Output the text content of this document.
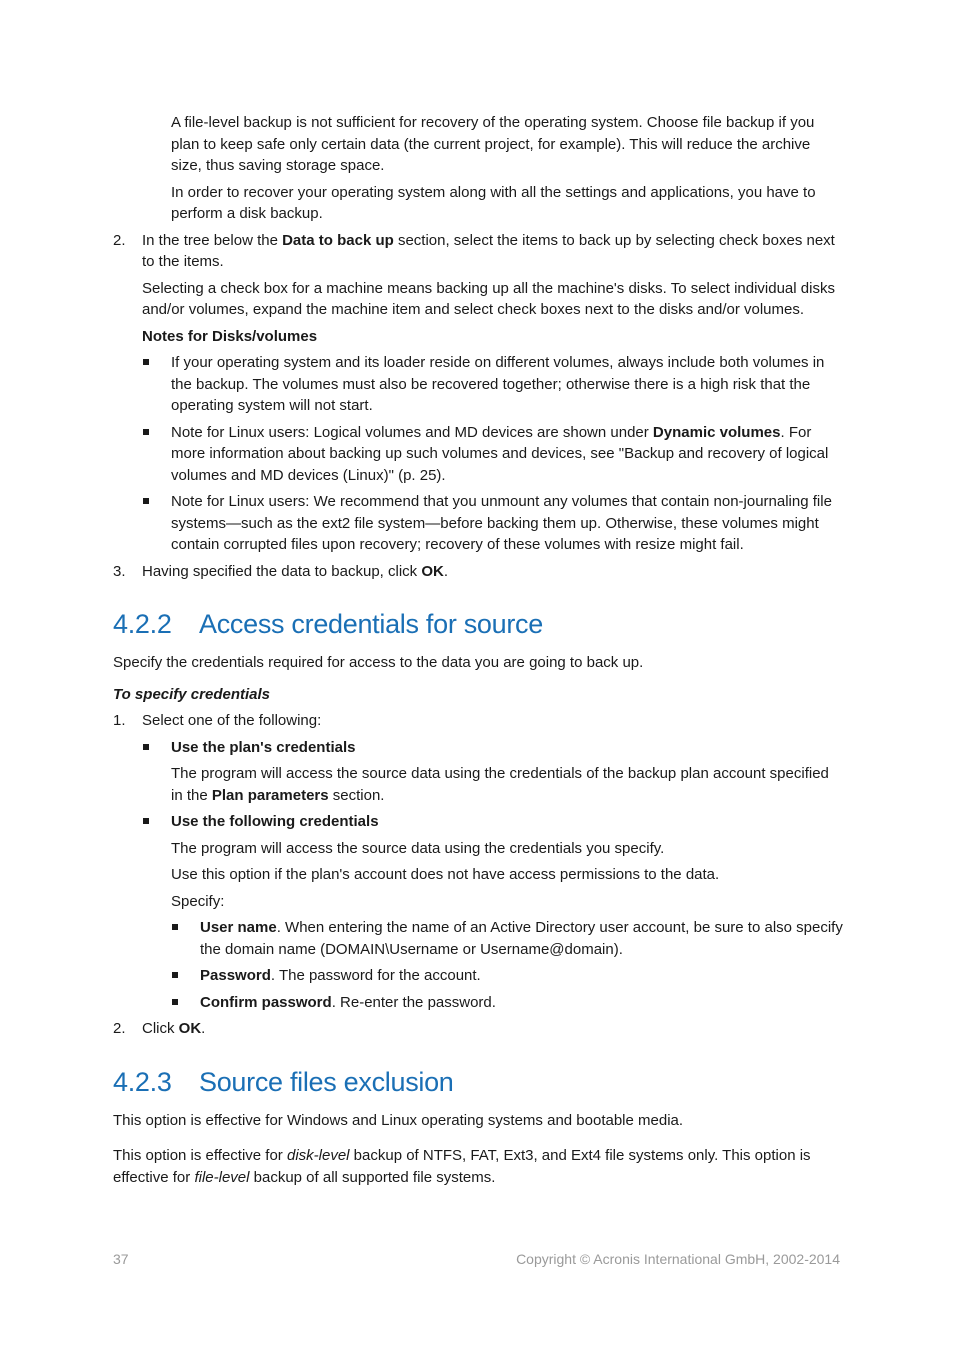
A file-level backup is not sufficient for recovery of the operating system. Choose file backup if you plan to keep safe only certain data (the current project, for example). This will reduce the archive size, thus saving storage space.

In order to recover your operating system along with all the settings and applications, you have to perform a disk backup.

2. In the tree below the Data to back up section, select the items to back up by selecting check boxes next to the items.

Selecting a check box for a machine means backing up all the machine's disks. To select individual disks and/or volumes, expand the machine item and select check boxes next to the disks and/or volumes.

Notes for Disks/volumes

If your operating system and its loader reside on different volumes, always include both volumes in the backup. The volumes must also be recovered together; otherwise there is a high risk that the operating system will not start.
Note for Linux users: Logical volumes and MD devices are shown under Dynamic volumes. For more information about backing up such volumes and devices, see "Backup and recovery of logical volumes and MD devices (Linux)" (p. 25).
Note for Linux users: We recommend that you unmount any volumes that contain non-journaling file systems—such as the ext2 file system—before backing them up. Otherwise, these volumes might contain corrupted files upon recovery; recovery of these volumes with resize might fail.
3. Having specified the data to backup, click OK.
4.2.2 Access credentials for source

Specify the credentials required for access to the data you are going to back up.

To specify credentials

1. Select one of the following:
Use the plan's credentials

The program will access the source data using the credentials of the backup plan account specified in the Plan parameters section.

Use the following credentials

The program will access the source data using the credentials you specify.

Use this option if the plan's account does not have access permissions to the data.

Specify:

User name. When entering the name of an Active Directory user account, be sure to also specify the domain name (DOMAIN\Username or Username@domain).
Password. The password for the account.
Confirm password. Re-enter the password.
2. Click OK.
4.2.3 Source files exclusion

This option is effective for Windows and Linux operating systems and bootable media.

This option is effective for disk-level backup of NTFS, FAT, Ext3, and Ext4 file systems only. This option is effective for file-level backup of all supported file systems.

37	Copyright © Acronis International GmbH, 2002-2014
